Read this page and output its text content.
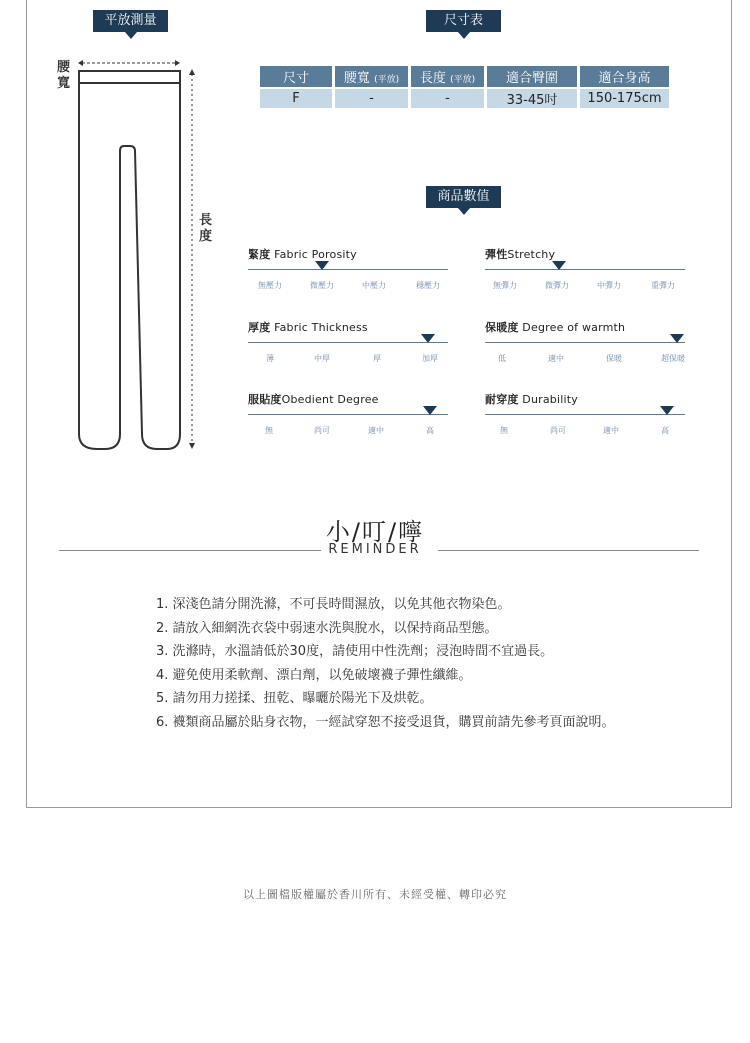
平放測量	尺寸表
商品數值
腰寬
長度
尺寸	腰寬 (平放)	長度 (平放)	適合臀圍	適合身高
F	-	-	33-45吋	150-175cm
緊度 Fabric Porosity
無壓力	微壓力	中壓力	穩壓力
彈性Stretchy
無彈力	微彈力	中彈力	重彈力
厚度 Fabric Thickness
薄	中厚	厚	加厚
保暖度 Degree of warmth
低	適中	保暖	超保暖
服貼度Obedient Degree
無	尚可	適中	高
耐穿度 Durability
無	尚可	適中	高
小/叮/嚀
REMINDER
1. 深淺色請分開洗滌，不可長時間濕放，以免其他衣物染色。
2. 請放入細網洗衣袋中弱速水洗與脫水，以保持商品型態。
3. 洗滌時，水溫請低於30度，請使用中性洗劑；浸泡時間不宜過長。
4. 避免使用柔軟劑、漂白劑，以免破壞襪子彈性纖維。
5. 請勿用力搓揉、扭乾、曝曬於陽光下及烘乾。
6. 襪類商品屬於貼身衣物，一經試穿恕不接受退貨，購買前請先參考頁面說明。
以上圖檔版權屬於香川所有、未經受權、轉印必究
